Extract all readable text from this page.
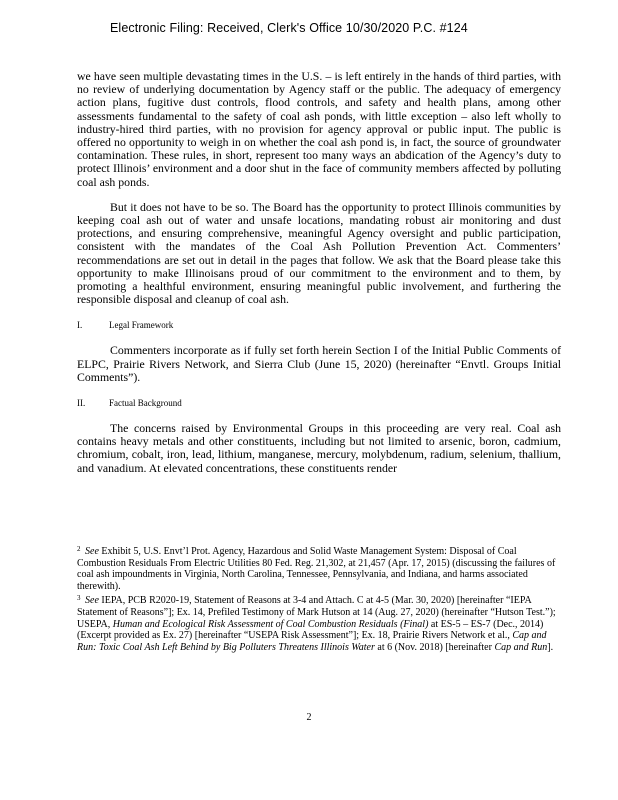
Electronic Filing: Received, Clerk's Office 10/30/2020 P.C. #124

we have seen multiple devastating times in the U.S. – is left entirely in the hands of third parties, with no review of underlying documentation by Agency staff or the public. The adequacy of emergency action plans, fugitive dust controls, flood controls, and safety and health plans, among other assessments fundamental to the safety of coal ash ponds, with little exception – also left wholly to industry-hired third parties, with no provision for agency approval or public input. The public is offered no opportunity to weigh in on whether the coal ash pond is, in fact, the source of groundwater contamination. These rules, in short, represent too many ways an abdication of the Agency’s duty to protect Illinois’ environment and a door shut in the face of community members affected by polluting coal ash ponds.

But it does not have to be so. The Board has the opportunity to protect Illinois communities by keeping coal ash out of water and unsafe locations, mandating robust air monitoring and dust protections, and ensuring comprehensive, meaningful Agency oversight and public participation, consistent with the mandates of the Coal Ash Pollution Prevention Act. Commenters’ recommendations are set out in detail in the pages that follow. We ask that the Board please take this opportunity to make Illinoisans proud of our commitment to the environment and to them, by promoting a healthful environment, ensuring meaningful public involvement, and furthering the responsible disposal and cleanup of coal ash.

I.	Legal Framework

Commenters incorporate as if fully set forth herein Section I of the Initial Public Comments of ELPC, Prairie Rivers Network, and Sierra Club (June 15, 2020) (hereinafter “Envtl. Groups Initial Comments”).

II.	Factual Background

The concerns raised by Environmental Groups in this proceeding are very real. Coal ash contains heavy metals and other constituents, including but not limited to arsenic, boron, cadmium, chromium, cobalt, iron, lead, lithium, manganese, mercury, molybdenum, radium, selenium, thallium, and vanadium. At elevated concentrations, these constituents render

$^2$ See Exhibit 5, U.S. Envt’l Prot. Agency, Hazardous and Solid Waste Management System: Disposal of Coal Combustion Residuals From Electric Utilities 80 Fed. Reg. 21,302, at 21,457 (Apr. 17, 2015) (discussing the failures of coal ash impoundments in Virginia, North Carolina, Tennessee, Pennsylvania, and Indiana, and harms associated therewith).

$^3$ See IEPA, PCB R2020-19, Statement of Reasons at 3-4 and Attach. C at 4-5 (Mar. 30, 2020) [hereinafter “IEPA Statement of Reasons”]; Ex. 14, Prefiled Testimony of Mark Hutson at 14 (Aug. 27, 2020) (hereinafter “Hutson Test.”); USEPA, Human and Ecological Risk Assessment of Coal Combustion Residuals (Final) at ES-5 – ES-7 (Dec., 2014) (Excerpt provided as Ex. 27) [hereinafter “USEPA Risk Assessment”]; Ex. 18, Prairie Rivers Network et al., Cap and Run: Toxic Coal Ash Left Behind by Big Polluters Threatens Illinois Water at 6 (Nov. 2018) [hereinafter Cap and Run].

2
